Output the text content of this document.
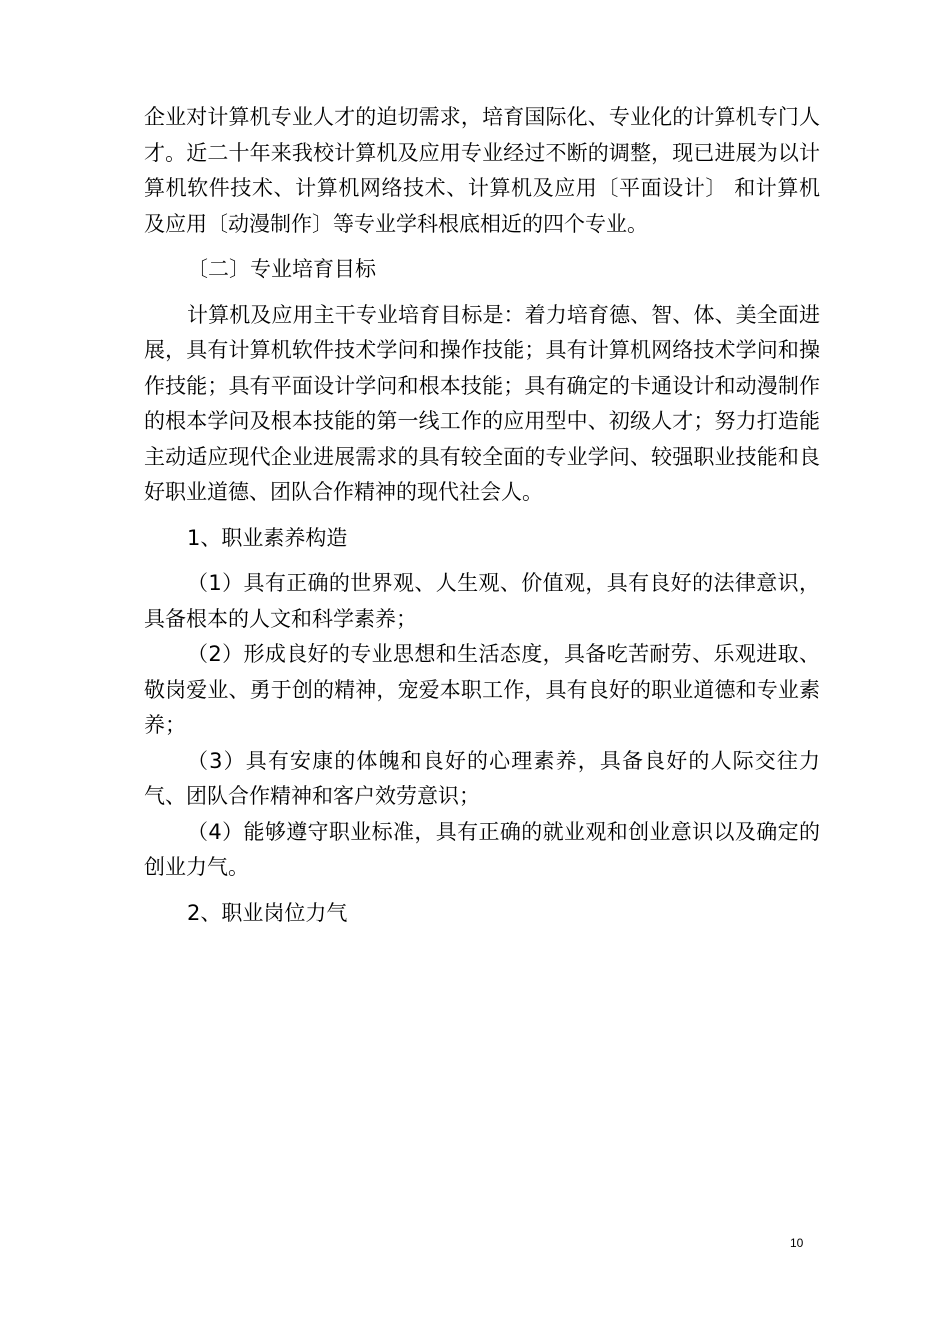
企业对计算机专业人才的迫切需求，培育国际化、专业化的计算机专门人才。近二十年来我校计算机及应用专业经过不断的调整，现已进展为以计算机软件技术、计算机网络技术、计算机及应用〔平面设计〕 和计算机及应用〔动漫制作〕等专业学科根底相近的四个专业。

〔二〕专业培育目标

计算机及应用主干专业培育目标是：着力培育德、智、体、美全面进展，具有计算机软件技术学问和操作技能；具有计算机网络技术学问和操作技能；具有平面设计学问和根本技能；具有确定的卡通设计和动漫制作的根本学问及根本技能的第一线工作的应用型中、初级人才；努力打造能主动适应现代企业进展需求的具有较全面的专业学问、较强职业技能和良好职业道德、团队合作精神的现代社会人。

1、职业素养构造

（1）具有正确的世界观、人生观、价值观，具有良好的法律意识，具备根本的人文和科学素养；

（2）形成良好的专业思想和生活态度，具备吃苦耐劳、乐观进取、敬岗爱业、勇于创的精神，宠爱本职工作，具有良好的职业道德和专业素养；

（3）具有安康的体魄和良好的心理素养，具备良好的人际交往力气、团队合作精神和客户效劳意识；

（4）能够遵守职业标准，具有正确的就业观和创业意识以及确定的创业力气。

2、职业岗位力气

10
